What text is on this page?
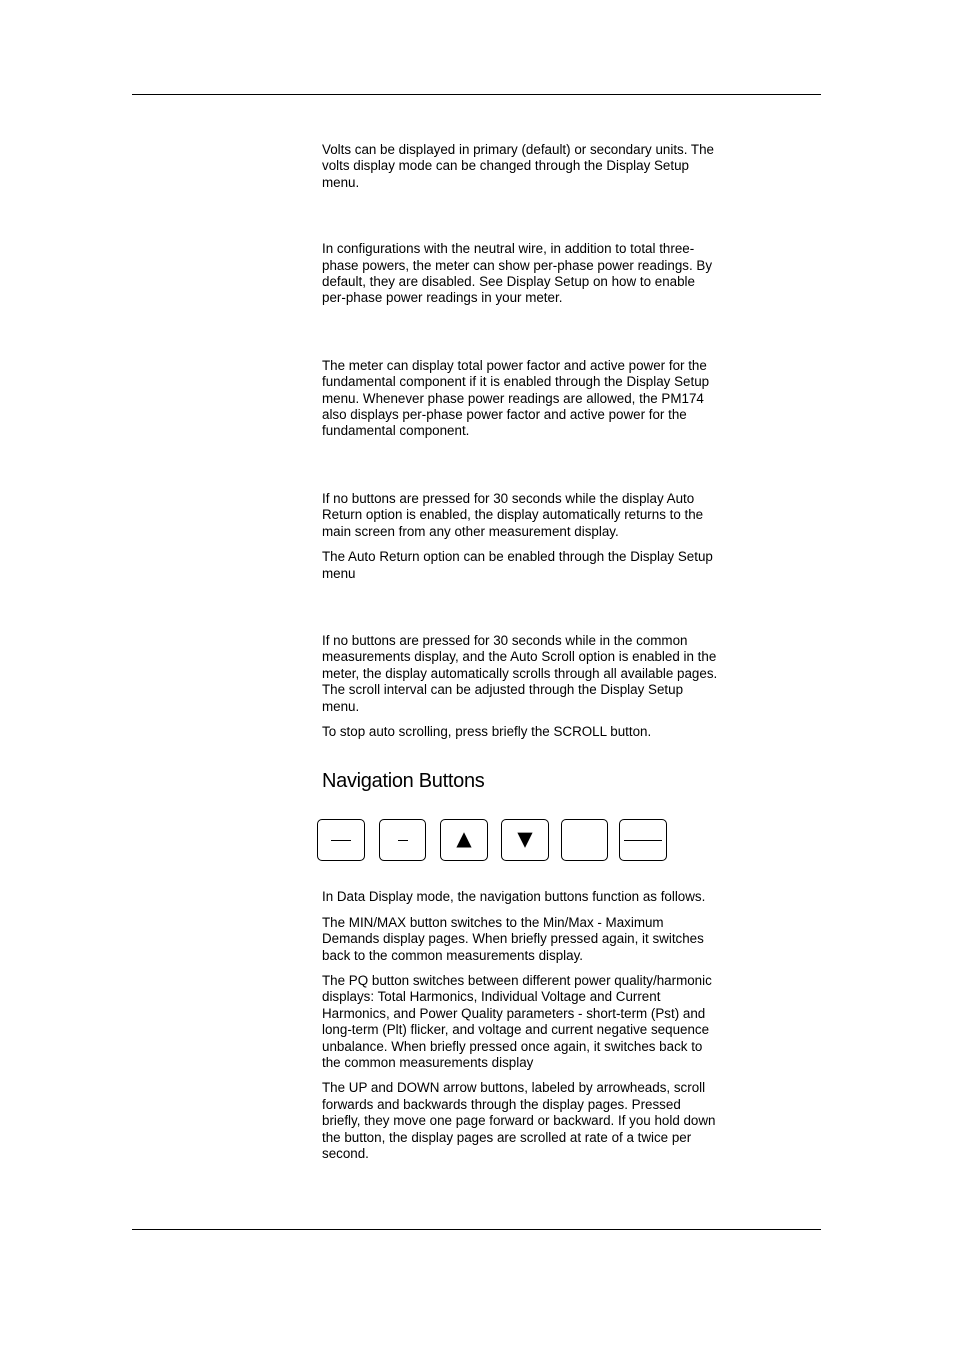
Volts can be displayed in primary (default) or secondary units. The volts display mode can be changed through the Display Setup menu.

In configurations with the neutral wire, in addition to total three-phase powers, the meter can show per-phase power readings. By default, they are disabled. See Display Setup on how to enable per-phase power readings in your meter.

The meter can display total power factor and active power for the fundamental component if it is enabled through the Display Setup menu. Whenever phase power readings are allowed, the PM174 also displays per-phase power factor and active power for the fundamental component.

If no buttons are pressed for 30 seconds while the display Auto Return option is enabled, the display automatically returns to the main screen from any other measurement display.

The Auto Return option can be enabled through the Display Setup menu

If no buttons are pressed for 30 seconds while in the common measurements display, and the Auto Scroll option is enabled in the meter, the display automatically scrolls through all available pages. The scroll interval can be adjusted through the Display Setup menu.

To stop auto scrolling, press briefly the SCROLL button.

Navigation Buttons
▲ ▼

In Data Display mode, the navigation buttons function as follows.

The MIN/MAX button switches to the Min/Max - Maximum Demands display pages. When briefly pressed again, it switches back to the common measurements display.

The PQ button switches between different power quality/harmonic displays: Total Harmonics, Individual Voltage and Current Harmonics, and Power Quality parameters - short-term (Pst) and long-term (Plt) flicker, and voltage and current negative sequence unbalance. When briefly pressed once again, it switches back to the common measurements display

The UP and DOWN arrow buttons, labeled by arrowheads, scroll forwards and backwards through the display pages. Pressed briefly, they move one page forward or backward. If you hold down the button, the display pages are scrolled at rate of a twice per second.
